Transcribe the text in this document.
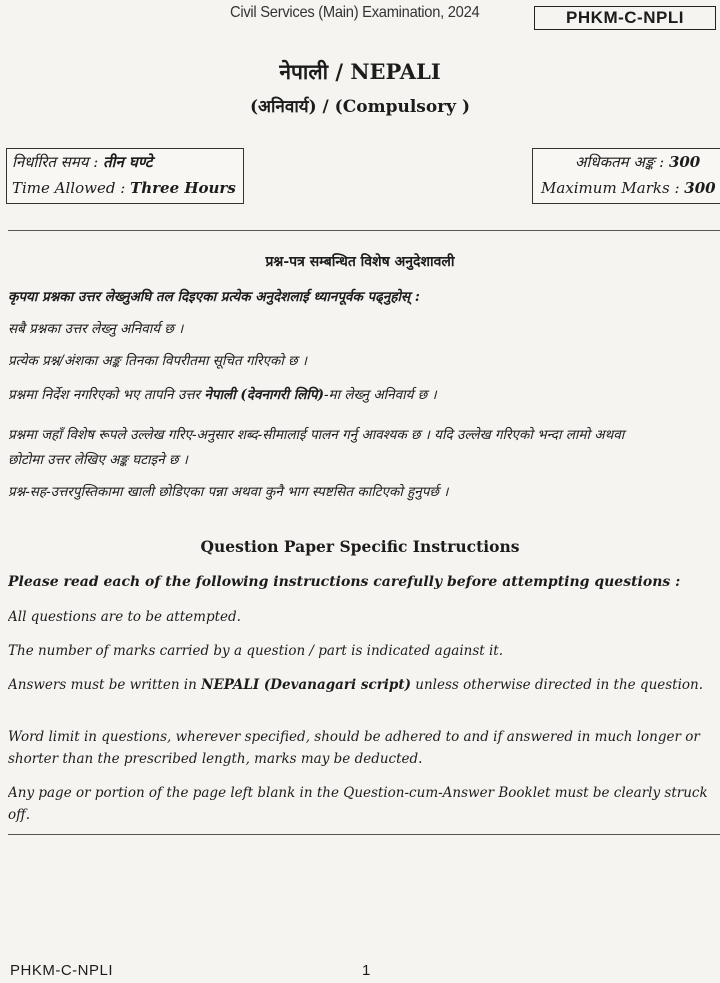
Civil Services (Main) Examination, 2024	PHKM-C-NPLI
नेपाली / NEPALI
(अनिवार्य) / (Compulsory )
निर्धारित समय : तीन घण्टे
Time Allowed : Three Hours
अधिकतम अङ्क : 300
Maximum Marks : 300
प्रश्न-पत्र सम्बन्धित विशेष अनुदेशावली
कृपया प्रश्नका उत्तर लेख्नुअघि तल दिइएका प्रत्येक अनुदेशलाई ध्यानपूर्वक पढ्नुहोस् :
सबै प्रश्नका उत्तर लेख्नु अनिवार्य छ ।
प्रत्येक प्रश्न/अंशका अङ्क तिनका विपरीतमा सूचित गरिएको छ ।
प्रश्नमा निर्देश नगरिएको भए तापनि उत्तर नेपाली (देवनागरी लिपि)-मा लेख्नु अनिवार्य छ ।
प्रश्नमा जहाँ विशेष रूपले उल्लेख गरिए-अनुसार शब्द-सीमालाई पालन गर्नु आवश्यक छ । यदि उल्लेख गरिएको भन्दा लामो अथवा
छोटोमा उत्तर लेखिए अङ्क घटाइने छ ।
प्रश्न-सह-उत्तरपुस्तिकामा खाली छोडिएका पन्ना अथवा कुनै भाग स्पष्टसित काटिएको हुनुपर्छ ।
Question Paper Specific Instructions
Please read each of the following instructions carefully before attempting questions :
All questions are to be attempted.
The number of marks carried by a question / part is indicated against it.
Answers must be written in NEPALI (Devanagari script) unless otherwise directed in the question.
Word limit in questions, wherever specified, should be adhered to and if answered in much longer or shorter than the prescribed length, marks may be deducted.
Any page or portion of the page left blank in the Question-cum-Answer Booklet must be clearly struck off.
PHKM-C-NPLI	1
